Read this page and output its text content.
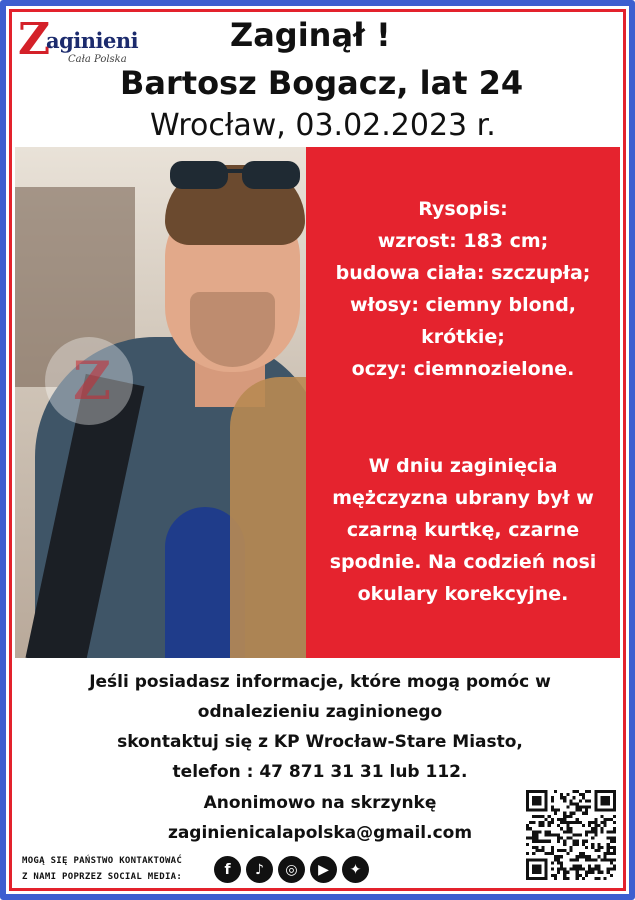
Z
aginieni
Cała Polska
Zaginął !
Bartosz Bogacz, lat 24
Wrocław, 03.02.2023 r.
Z
Rysopis:
wzrost: 183 cm;
budowa ciała: szczupła;
włosy: ciemny blond,
krótkie;
oczy: ciemnozielone.
W dniu zaginięcia
mężczyzna ubrany był w
czarną kurtkę, czarne
spodnie. Na codzień nosi
okulary korekcyjne.
Jeśli posiadasz informacje, które mogą pomóc w
odnalezieniu zaginionego
skontaktuj się z KP Wrocław-Stare Miasto,
telefon : 47 871 31 31 lub 112.
Anonimowo na skrzynkę
zaginienicalapolska@gmail.com
MOGĄ SIĘ PAŃSTWO KONTAKTOWAĆ
Z NAMI POPRZEZ SOCIAL MEDIA:	f	♪	◎	▶	✦
